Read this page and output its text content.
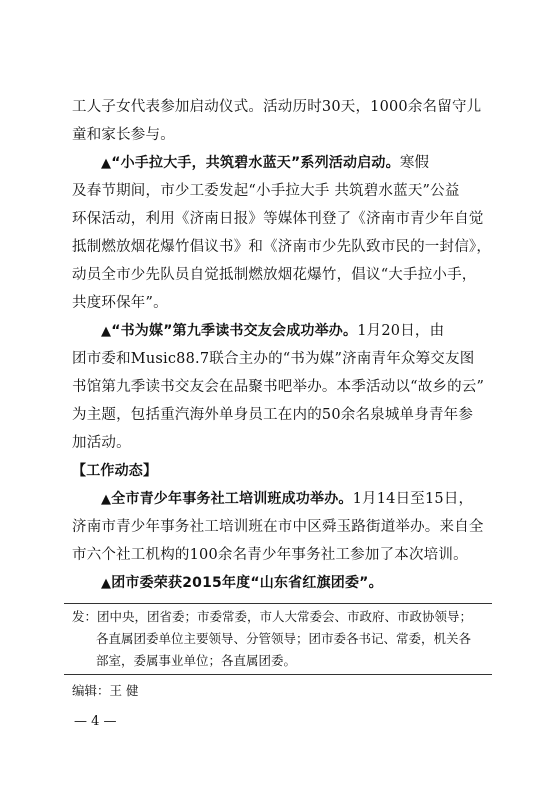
工人子女代表参加启动仪式。活动历时30天，1000余名留守儿
童和家长参与。
▲“小手拉大手，共筑碧水蓝天”系列活动启动。寒假
及春节期间，市少工委发起“小手拉大手 共筑碧水蓝天”公益
环保活动，利用《济南日报》等媒体刊登了《济南市青少年自觉
抵制燃放烟花爆竹倡议书》和《济南市少先队致市民的一封信》，
动员全市少先队员自觉抵制燃放烟花爆竹，倡议“大手拉小手，
共度环保年”。
▲“书为媒”第九季读书交友会成功举办。1月20日，由
团市委和Music88.7联合主办的“书为媒”济南青年众筹交友图
书馆第九季读书交友会在品聚书吧举办。本季活动以“故乡的云”
为主题，包括重汽海外单身员工在内的50余名泉城单身青年参
加活动。
【工作动态】
▲全市青少年事务社工培训班成功举办。1月14日至15日，
济南市青少年事务社工培训班在市中区舜玉路街道举办。来自全
市六个社工机构的100余名青少年事务社工参加了本次培训。
▲团市委荣获2015年度“山东省红旗团委”。
发：团中央，团省委；市委常委，市人大常委会、市政府、市政协领导；
各直属团委单位主要领导、分管领导；团市委各书记、常委，机关各
部室，委属事业单位；各直属团委。
编辑：王 健
— 4 —
